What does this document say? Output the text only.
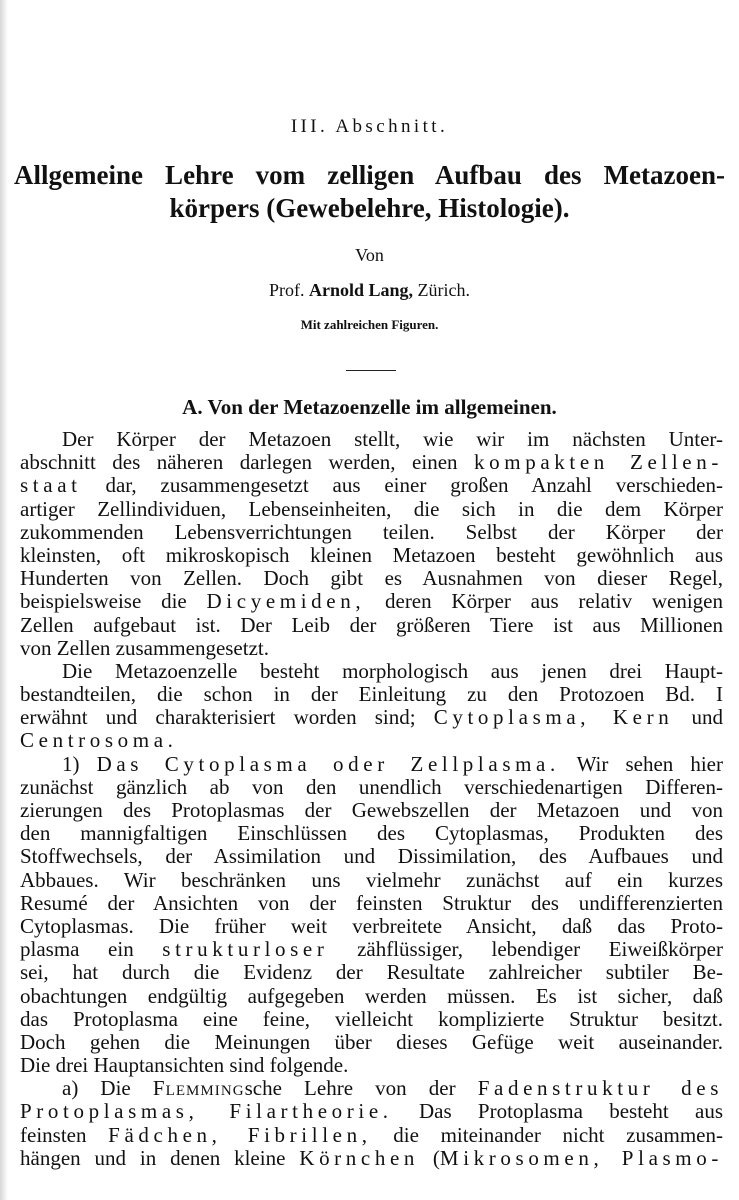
III. Abschnitt.
Allgemeine Lehre vom zelligen Aufbau des Metazoen-
körpers (Gewebelehre, Histologie).
Von
Prof. Arnold Lang, Zürich.
Mit zahlreichen Figuren.
A. Von der Metazoenzelle im allgemeinen.
Der Körper der Metazoen stellt, wie wir im nächsten Unter-
abschnitt des näheren darlegen werden, einen kompakten Zellen-
staat dar, zusammengesetzt aus einer großen Anzahl verschieden-
artiger Zellindividuen, Lebenseinheiten, die sich in die dem Körper
zukommenden Lebensverrichtungen teilen. Selbst der Körper der
kleinsten, oft mikroskopisch kleinen Metazoen besteht gewöhnlich aus
Hunderten von Zellen. Doch gibt es Ausnahmen von dieser Regel,
beispielsweise die Dicyemiden, deren Körper aus relativ wenigen
Zellen aufgebaut ist. Der Leib der größeren Tiere ist aus Millionen
von Zellen zusammengesetzt.
Die Metazoenzelle besteht morphologisch aus jenen drei Haupt-
bestandteilen, die schon in der Einleitung zu den Protozoen Bd. I
erwähnt und charakterisiert worden sind; Cytoplasma, Kern und
Centrosoma.
1) Das Cytoplasma oder Zellplasma. Wir sehen hier
zunächst gänzlich ab von den unendlich verschiedenartigen Differen-
zierungen des Protoplasmas der Gewebszellen der Metazoen und von
den mannigfaltigen Einschlüssen des Cytoplasmas, Produkten des
Stoffwechsels, der Assimilation und Dissimilation, des Aufbaues und
Abbaues. Wir beschränken uns vielmehr zunächst auf ein kurzes
Resumé der Ansichten von der feinsten Struktur des undifferenzierten
Cytoplasmas. Die früher weit verbreitete Ansicht, daß das Proto-
plasma ein strukturloser zähflüssiger, lebendiger Eiweißkörper
sei, hat durch die Evidenz der Resultate zahlreicher subtiler Be-
obachtungen endgültig aufgegeben werden müssen. Es ist sicher, daß
das Protoplasma eine feine, vielleicht komplizierte Struktur besitzt.
Doch gehen die Meinungen über dieses Gefüge weit auseinander.
Die drei Hauptansichten sind folgende.
a) Die Flemmingsche Lehre von der Fadenstruktur des
Protoplasmas, Filartheorie. Das Protoplasma besteht aus
feinsten Fädchen, Fibrillen, die miteinander nicht zusammen-
hängen und in denen kleine Körnchen (Mikrosomen, Plasmo-
